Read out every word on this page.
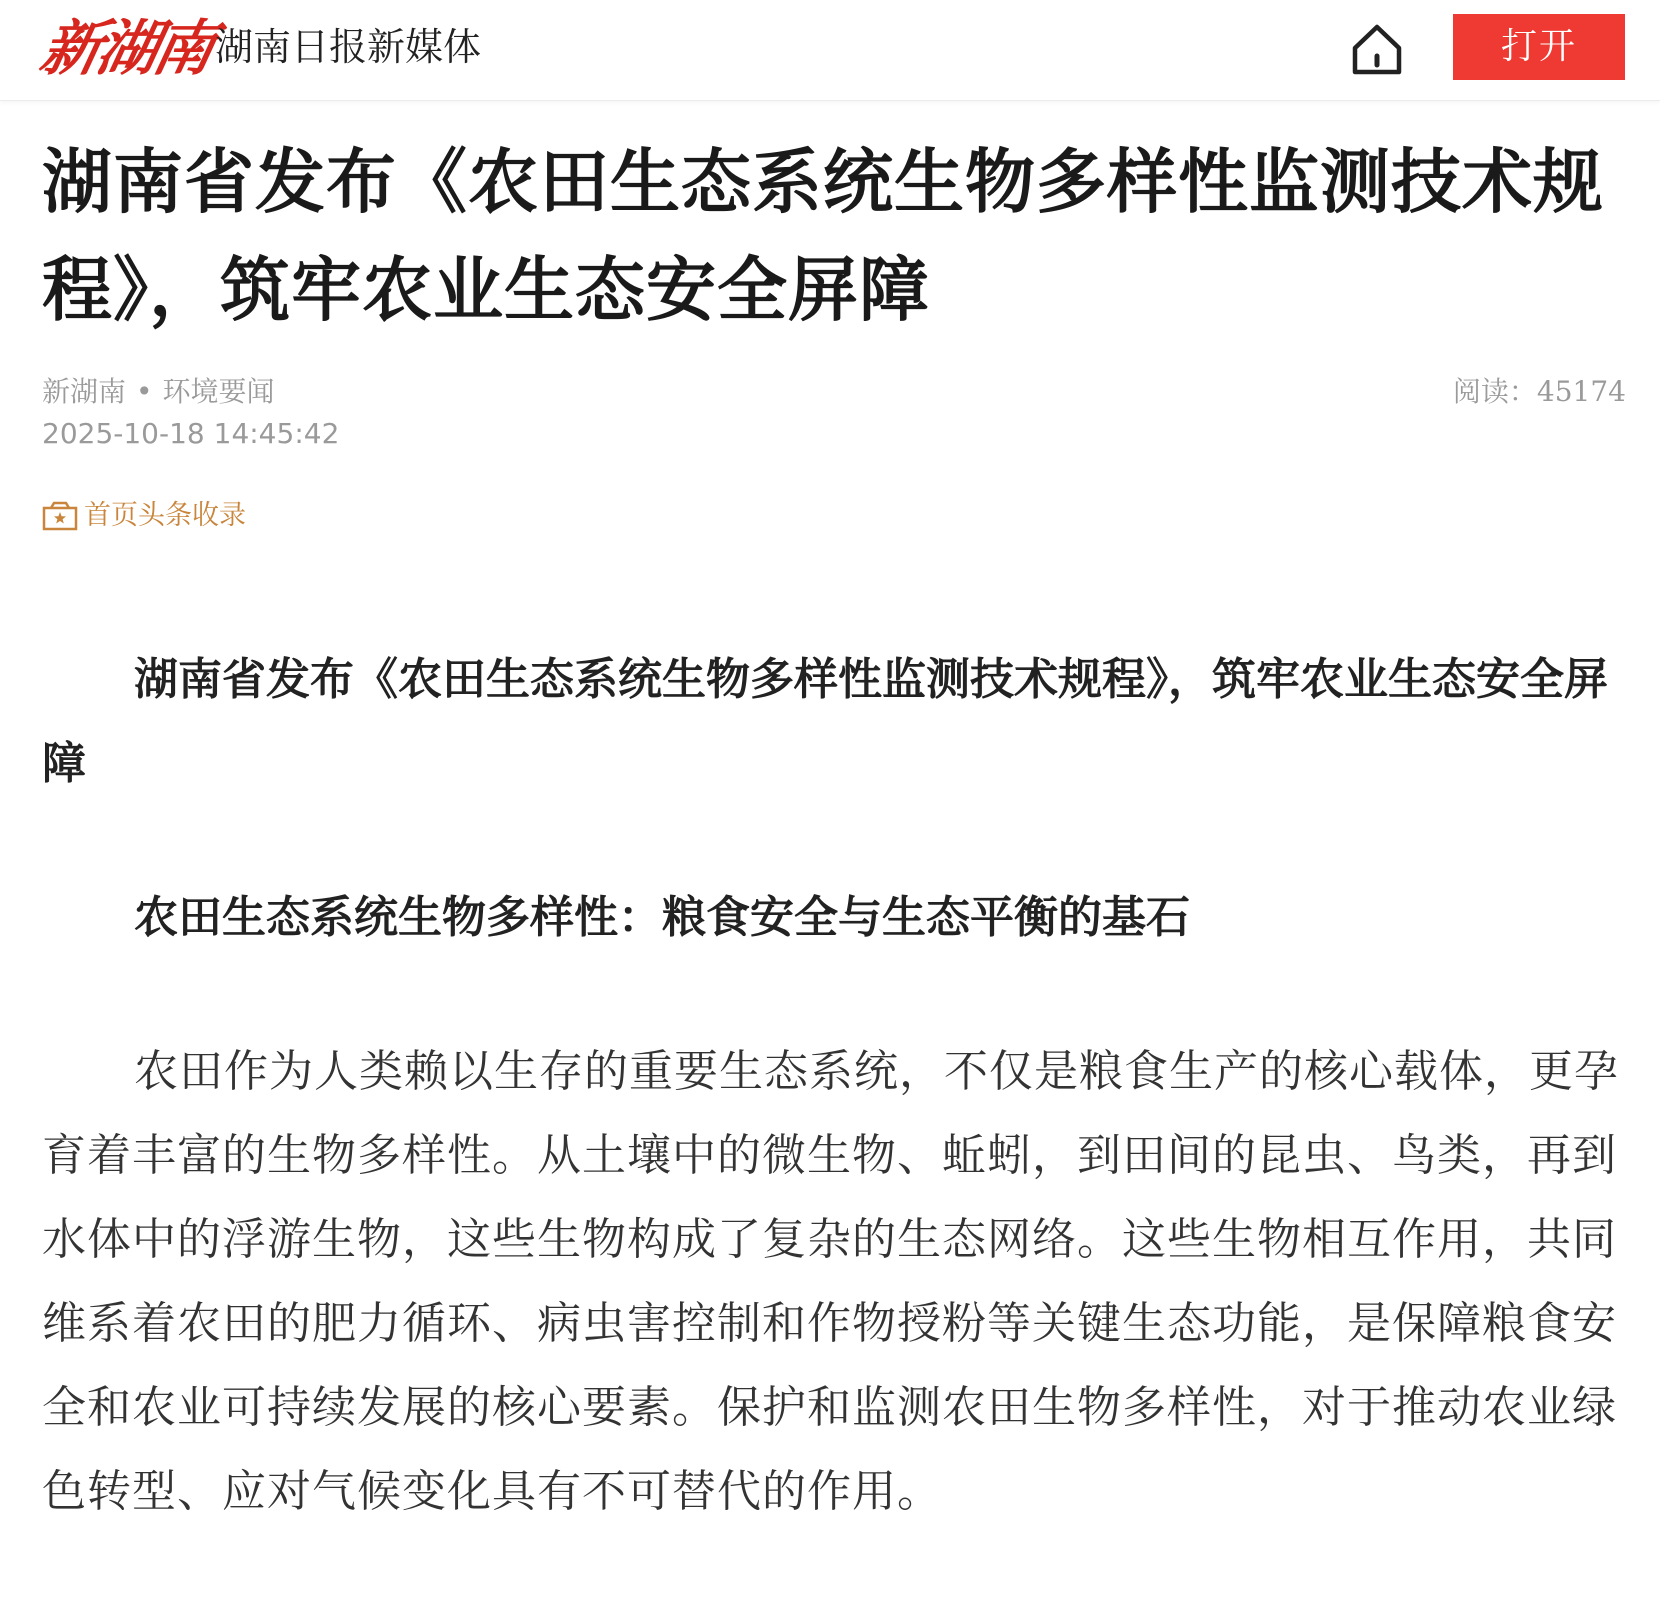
新湖南
湖南日报新媒体	打开
湖南省发布《农田生态系统生物多样性监测技术规程》，筑牢农业生态安全屏障
新湖南 • 环境要闻
2025-10-18 14:45:42
阅读：45174
首页头条收录

湖南省发布《农田生态系统生物多样性监测技术规程》，筑牢农业生态安全屏障

农田生态系统生物多样性：粮食安全与生态平衡的基石

农田作为人类赖以生存的重要生态系统，不仅是粮食生产的核心载体，更孕育着丰富的生物多样性。从土壤中的微生物、蚯蚓，到田间的昆虫、鸟类，再到水体中的浮游生物，这些生物构成了复杂的生态网络。这些生物相互作用，共同维系着农田的肥力循环、病虫害控制和作物授粉等关键生态功能，是保障粮食安全和农业可持续发展的核心要素。保护和监测农田生物多样性，对于推动农业绿色转型、应对气候变化具有不可替代的作用。
